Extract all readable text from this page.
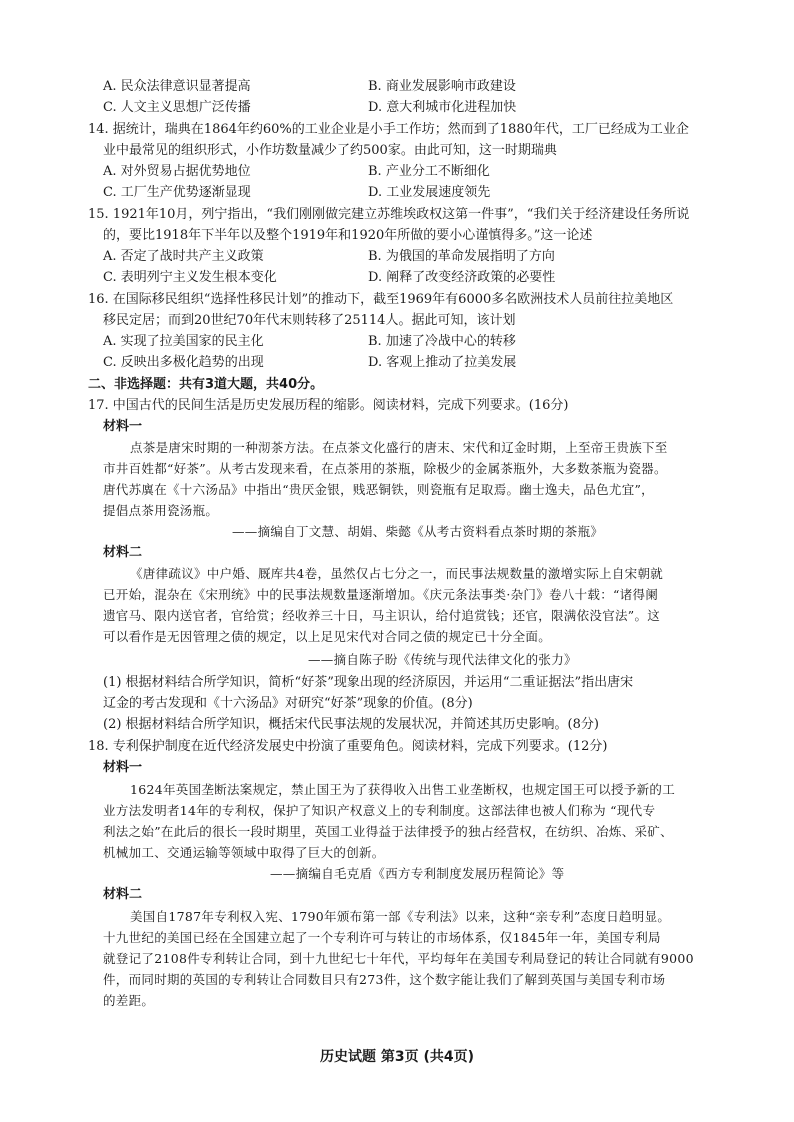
A. 民众法律意识显著提高	B. 商业发展影响市政建设
C. 人文主义思想广泛传播	D. 意大利城市化进程加快
14. 据统计，瑞典在1864年约60%的工业企业是小手工作坊；然而到了1880年代，工厂已经成为工业企
业中最常见的组织形式，小作坊数量减少了约500家。由此可知，这一时期瑞典
A. 对外贸易占据优势地位	B. 产业分工不断细化
C. 工厂生产优势逐渐显现	D. 工业发展速度领先
15. 1921年10月，列宁指出，“我们刚刚做完建立苏维埃政权这第一件事”，“我们关于经济建设任务所说
的，要比1918年下半年以及整个1919年和1920年所做的要小心谨慎得多。”这一论述
A. 否定了战时共产主义政策	B. 为俄国的革命发展指明了方向
C. 表明列宁主义发生根本变化	D. 阐释了改变经济政策的必要性
16. 在国际移民组织“选择性移民计划”的推动下，截至1969年有6000多名欧洲技术人员前往拉美地区
移民定居；而到20世纪70年代末则转移了25114人。据此可知，该计划
A. 实现了拉美国家的民主化	B. 加速了冷战中心的转移
C. 反映出多极化趋势的出现	D. 客观上推动了拉美发展
二、非选择题：共有3道大题，共40分。
17. 中国古代的民间生活是历史发展历程的缩影。阅读材料，完成下列要求。(16分)
材料一
点茶是唐宋时期的一种沏茶方法。在点茶文化盛行的唐末、宋代和辽金时期，上至帝王贵族下至
市井百姓都“好茶”。从考古发现来看，在点茶用的茶瓶，除极少的金属茶瓶外，大多数茶瓶为瓷器。
唐代苏廙在《十六汤品》中指出“贵厌金银，贱恶铜铁，则瓷瓶有足取焉。幽士逸夫，品色尤宜”，
提倡点茶用瓷汤瓶。
——摘编自丁文慧、胡娟、柴懿《从考古资料看点茶时期的茶瓶》
材料二
《唐律疏议》中户婚、厩库共4卷，虽然仅占七分之一，而民事法规数量的激增实际上自宋朝就
已开始，混杂在《宋刑统》中的民事法规数量逐渐增加。《庆元条法事类·杂门》卷八十载：“诸得阑
遗官马、限内送官者，官给赏；经收养三十日，马主识认，给付追赏钱；还官，限满依没官法”。这
可以看作是无因管理之债的规定，以上足见宋代对合同之债的规定已十分全面。
——摘自陈子盼《传统与现代法律文化的张力》
(1) 根据材料结合所学知识，简析“好茶”现象出现的经济原因，并运用“二重证据法”指出唐宋
辽金的考古发现和《十六汤品》对研究“好茶”现象的价值。(8分)
(2) 根据材料结合所学知识，概括宋代民事法规的发展状况，并简述其历史影响。(8分)
18. 专利保护制度在近代经济发展史中扮演了重要角色。阅读材料，完成下列要求。(12分)
材料一
1624年英国垄断法案规定，禁止国王为了获得收入出售工业垄断权，也规定国王可以授予新的工
业方法发明者14年的专利权，保护了知识产权意义上的专利制度。这部法律也被人们称为 “现代专
利法之始”在此后的很长一段时期里，英国工业得益于法律授予的独占经营权，在纺织、冶炼、采矿、
机械加工、交通运输等领域中取得了巨大的创新。
——摘编自毛克盾《西方专利制度发展历程简论》等
材料二
美国自1787年专利权入宪、1790年颁布第一部《专利法》以来，这种“亲专利”态度日趋明显。
十九世纪的美国已经在全国建立起了一个专利许可与转让的市场体系，仅1845年一年，美国专利局
就登记了2108件专利转让合同，到十九世纪七十年代，平均每年在美国专利局登记的转让合同就有9000
件，而同时期的英国的专利转让合同数目只有273件，这个数字能让我们了解到英国与美国专利市场
的差距。
历史试题 第3页 (共4页)
